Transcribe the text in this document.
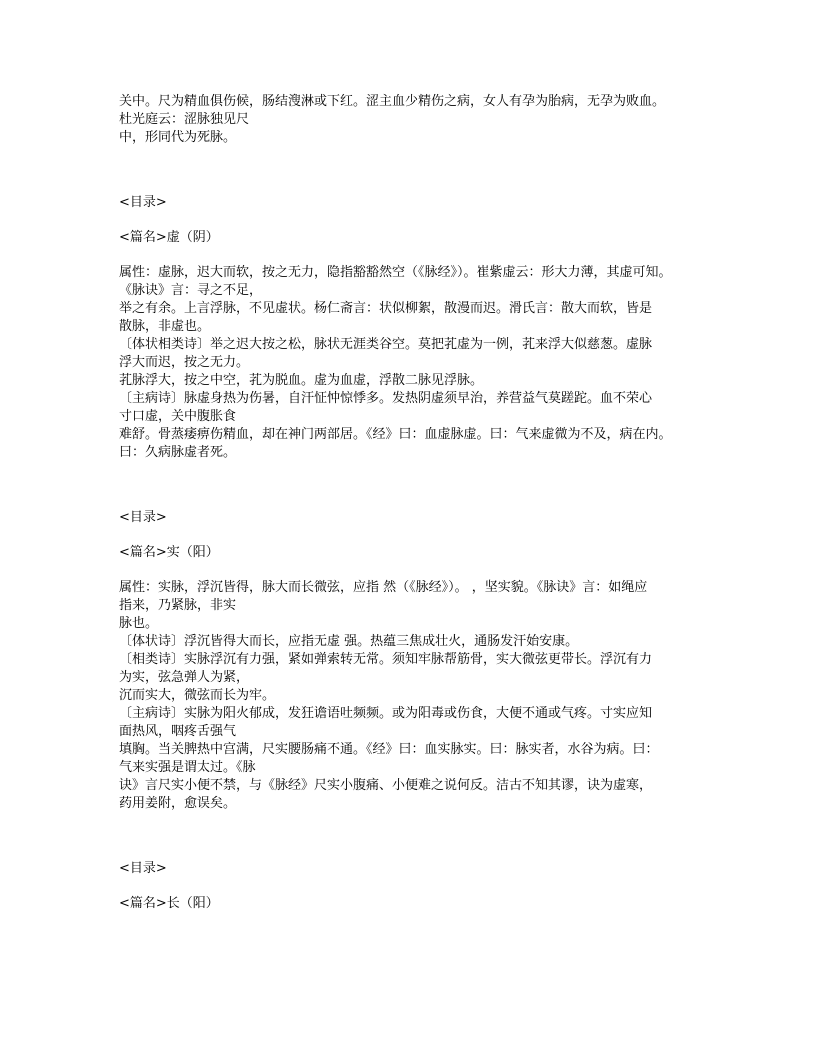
关中。尺为精血俱伤候，肠结溲淋或下红。涩主血少精伤之病，女人有孕为胎病，无孕为败血。
杜光庭云：涩脉独见尺
中，形同代为死脉。
<目录>
<篇名>虚（阴）
属性：虚脉，迟大而软，按之无力，隐指豁豁然空（《脉经》）。崔紫虚云：形大力薄，其虚可知。
《脉诀》言：寻之不足，
举之有余。上言浮脉，不见虚状。杨仁斋言：状似柳絮，散漫而迟。滑氏言：散大而软，皆是
散脉，非虚也。
〔体状相类诗〕举之迟大按之松，脉状无涯类谷空。莫把芤虚为一例，芤来浮大似慈葱。虚脉
浮大而迟，按之无力。
芤脉浮大，按之中空，芤为脱血。虚为血虚，浮散二脉见浮脉。
〔主病诗〕脉虚身热为伤暑，自汗怔忡惊悸多。发热阴虚须早治，养营益气莫蹉跎。血不荣心
寸口虚，关中腹胀食
难舒。骨蒸痿痹伤精血，却在神门两部居。《经》曰：血虚脉虚。曰：气来虚微为不及，病在内。
曰：久病脉虚者死。
<目录>
<篇名>实（阳）
属性：实脉，浮沉皆得，脉大而长微弦，应指 然（《脉经》）。 ，坚实貌。《脉诀》言：如绳应
指来，乃紧脉，非实
脉也。
〔体状诗〕浮沉皆得大而长，应指无虚 强。热蕴三焦成壮火，通肠发汗始安康。
〔相类诗〕实脉浮沉有力强，紧如弹索转无常。须知牢脉帮筋骨，实大微弦更带长。浮沉有力
为实，弦急弹人为紧，
沉而实大，微弦而长为牢。
〔主病诗〕实脉为阳火郁成，发狂谵语吐频频。或为阳毒或伤食，大便不通或气疼。寸实应知
面热风，咽疼舌强气
填胸。当关脾热中宫满，尺实腰肠痛不通。《经》曰：血实脉实。曰：脉实者，水谷为病。曰：
气来实强是谓太过。《脉
诀》言尺实小便不禁，与《脉经》尺实小腹痛、小便难之说何反。洁古不知其谬，诀为虚寒，
药用姜附，愈误矣。
<目录>
<篇名>长（阳）
